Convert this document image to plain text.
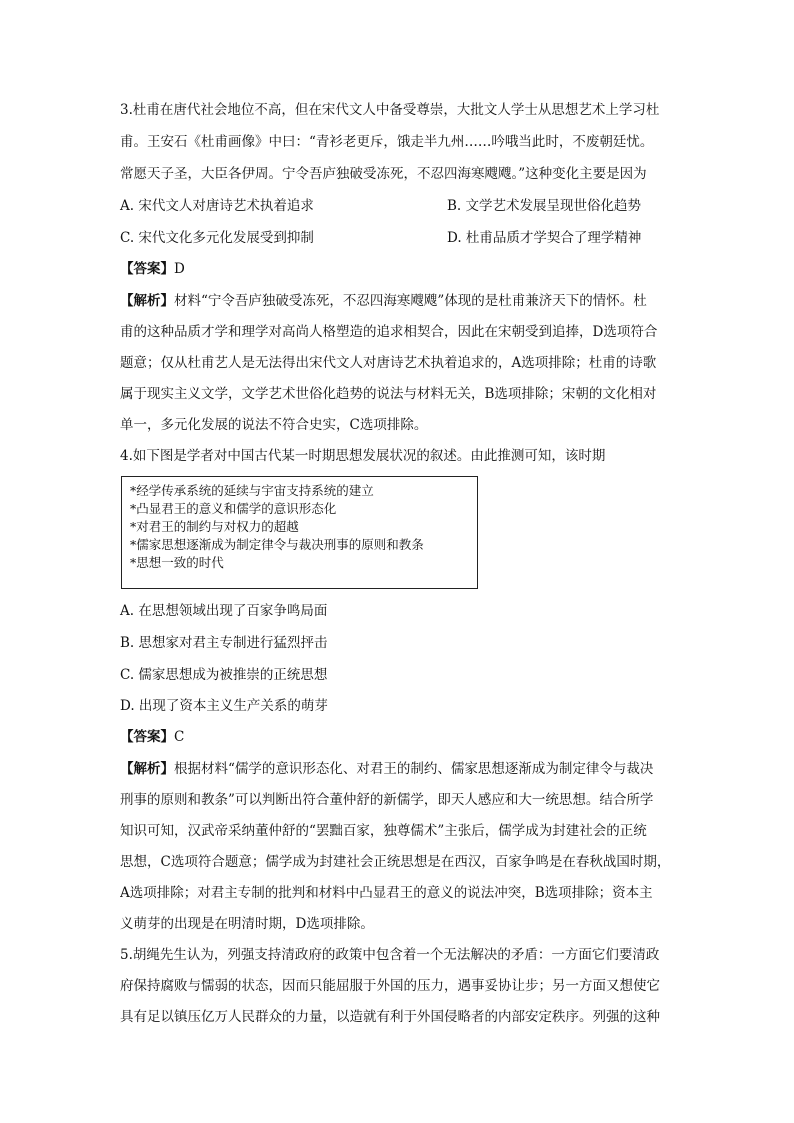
3.杜甫在唐代社会地位不高，但在宋代文人中备受尊崇，大批文人学士从思想艺术上学习杜
甫。王安石《杜甫画像》中曰：“青衫老更斥，饿走半九州……吟哦当此时，不废朝廷忧。
常愿天子圣，大臣各伊周。宁令吾庐独破受冻死，不忍四海寒飕飕。”这种变化主要是因为
A. 宋代文人对唐诗艺术执着追求	B. 文学艺术发展呈现世俗化趋势
C. 宋代文化多元化发展受到抑制	D. 杜甫品质才学契合了理学精神
【答案】D
【解析】材料“宁令吾庐独破受冻死，不忍四海寒飕飕”体现的是杜甫兼济天下的情怀。杜
甫的这种品质才学和理学对高尚人格塑造的追求相契合，因此在宋朝受到追捧，D选项符合
题意；仅从杜甫艺人是无法得出宋代文人对唐诗艺术执着追求的，A选项排除；杜甫的诗歌
属于现实主义文学，文学艺术世俗化趋势的说法与材料无关，B选项排除；宋朝的文化相对
单一，多元化发展的说法不符合史实，C选项排除。
4.如下图是学者对中国古代某一时期思想发展状况的叙述。由此推测可知，该时期
*经学传承系统的延续与宇宙支持系统的建立
*凸显君王的意义和儒学的意识形态化
*对君王的制约与对权力的超越
*儒家思想逐渐成为制定律令与裁决刑事的原则和教条
*思想一致的时代
A. 在思想领域出现了百家争鸣局面
B. 思想家对君主专制进行猛烈抨击
C. 儒家思想成为被推崇的正统思想
D. 出现了资本主义生产关系的萌芽
【答案】C
【解析】根据材料“儒学的意识形态化、对君王的制约、儒家思想逐渐成为制定律令与裁决
刑事的原则和教条”可以判断出符合董仲舒的新儒学，即天人感应和大一统思想。结合所学
知识可知，汉武帝采纳董仲舒的“罢黜百家，独尊儒术”主张后，儒学成为封建社会的正统
思想，C选项符合题意；儒学成为封建社会正统思想是在西汉，百家争鸣是在春秋战国时期，
A选项排除；对君主专制的批判和材料中凸显君王的意义的说法冲突，B选项排除；资本主
义萌芽的出现是在明清时期，D选项排除。
5.胡绳先生认为，列强支持清政府的政策中包含着一个无法解决的矛盾：一方面它们要清政
府保持腐败与懦弱的状态，因而只能屈服于外国的压力，遇事妥协让步；另一方面又想使它
具有足以镇压亿万人民群众的力量，以造就有利于外国侵略者的内部安定秩序。列强的这种
